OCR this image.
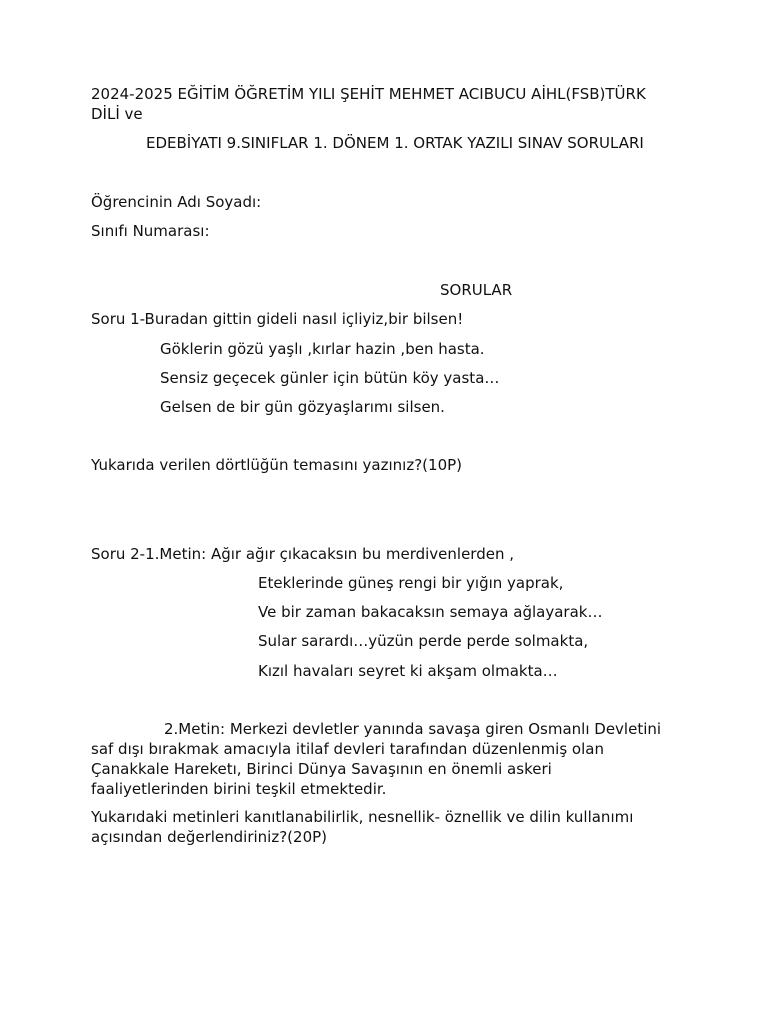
2024-2025 EĞİTİM ÖĞRETİM YILI ŞEHİT MEHMET ACIBUCU AİHL(FSB)TÜRK
DİLİ ve
EDEBİYATI 9.SINIFLAR 1. DÖNEM 1. ORTAK YAZILI SINAV SORULARI
Öğrencinin Adı Soyadı:
Sınıfı Numarası:
SORULAR
Soru 1-Buradan gittin gideli nasıl içliyiz,bir bilsen!
Göklerin gözü yaşlı ,kırlar hazin ,ben hasta.
Sensiz geçecek günler için bütün köy yasta…
Gelsen de bir gün gözyaşlarımı silsen.
Yukarıda verilen dörtlüğün temasını yazınız?(10P)
Soru 2-1.Metin: Ağır ağır çıkacaksın bu merdivenlerden ,
Eteklerinde güneş rengi bir yığın yaprak,
Ve bir zaman bakacaksın semaya ağlayarak…
Sular sarardı…yüzün perde perde solmakta,
Kızıl havaları seyret ki akşam olmakta…
2.Metin: Merkezi devletler yanında savaşa giren Osmanlı Devletini saf dışı bırakmak amacıyla itilaf devleri tarafından düzenlenmiş olan Çanakkale Hareketı, Birinci Dünya Savaşının en önemli askeri faaliyetlerinden birini teşkil etmektedir.
Yukarıdaki metinleri kanıtlanabilirlik, nesnellik- öznellik ve dilin kullanımı açısından değerlendiriniz?(20P)
